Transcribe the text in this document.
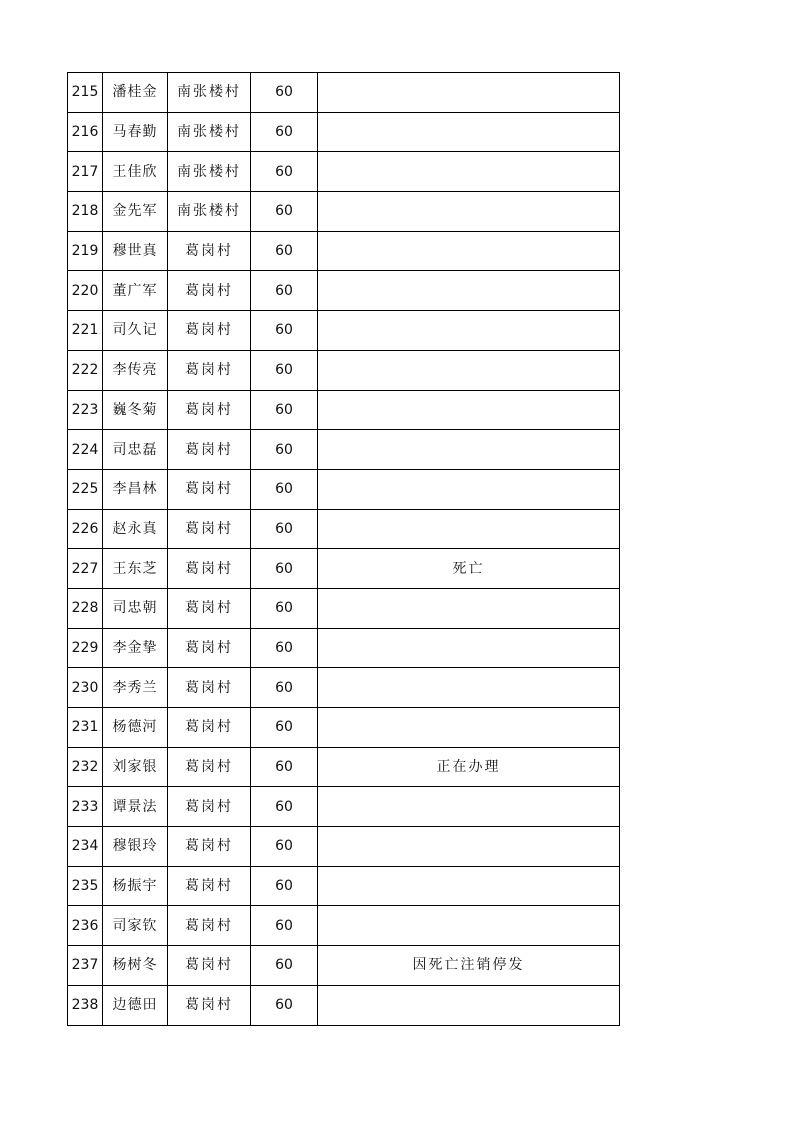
215	潘桂金	南张楼村	60	
216	马春勤	南张楼村	60	
217	王佳欣	南张楼村	60	
218	金先军	南张楼村	60	
219	穆世真	葛岗村	60	
220	董广军	葛岗村	60	
221	司久记	葛岗村	60	
222	李传亮	葛岗村	60	
223	巍冬菊	葛岗村	60	
224	司忠磊	葛岗村	60	
225	李昌林	葛岗村	60	
226	赵永真	葛岗村	60	
227	王东芝	葛岗村	60	死亡
228	司忠朝	葛岗村	60	
229	李金挚	葛岗村	60	
230	李秀兰	葛岗村	60	
231	杨德河	葛岗村	60	
232	刘家银	葛岗村	60	正在办理
233	谭景法	葛岗村	60	
234	穆银玲	葛岗村	60	
235	杨振宇	葛岗村	60	
236	司家钦	葛岗村	60	
237	杨树冬	葛岗村	60	因死亡注销停发
238	边德田	葛岗村	60	
